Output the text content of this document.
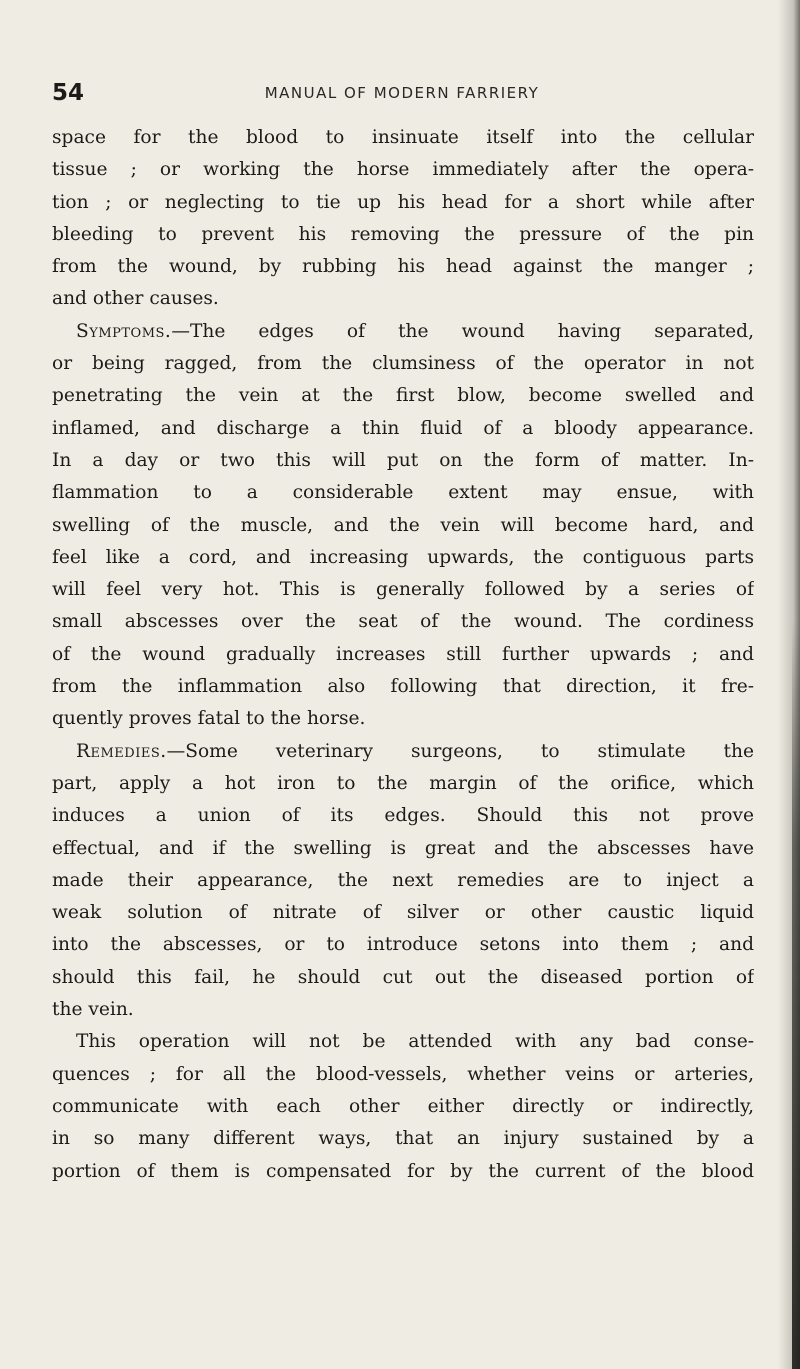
54	MANUAL OF MODERN FARRIERY
space for the blood to insinuate itself into the cellular
tissue ; or working the horse immediately after the opera-
tion ; or neglecting to tie up his head for a short while after
bleeding to prevent his removing the pressure of the pin
from the wound, by rubbing his head against the manger ;
and other causes.
Symptoms.—The edges of the wound having separated,
or being ragged, from the clumsiness of the operator in not
penetrating the vein at the first blow, become swelled and
inflamed, and discharge a thin fluid of a bloody appearance.
In a day or two this will put on the form of matter. In-
flammation to a considerable extent may ensue, with
swelling of the muscle, and the vein will become hard, and
feel like a cord, and increasing upwards, the contiguous parts
will feel very hot. This is generally followed by a series of
small abscesses over the seat of the wound. The cordiness
of the wound gradually increases still further upwards ; and
from the inflammation also following that direction, it fre-
quently proves fatal to the horse.
Remedies.—Some veterinary surgeons, to stimulate the
part, apply a hot iron to the margin of the orifice, which
induces a union of its edges. Should this not prove
effectual, and if the swelling is great and the abscesses have
made their appearance, the next remedies are to inject a
weak solution of nitrate of silver or other caustic liquid
into the abscesses, or to introduce setons into them ; and
should this fail, he should cut out the diseased portion of
the vein.
This operation will not be attended with any bad conse-
quences ; for all the blood-vessels, whether veins or arteries,
communicate with each other either directly or indirectly,
in so many different ways, that an injury sustained by a
portion of them is compensated for by the current of the blood
